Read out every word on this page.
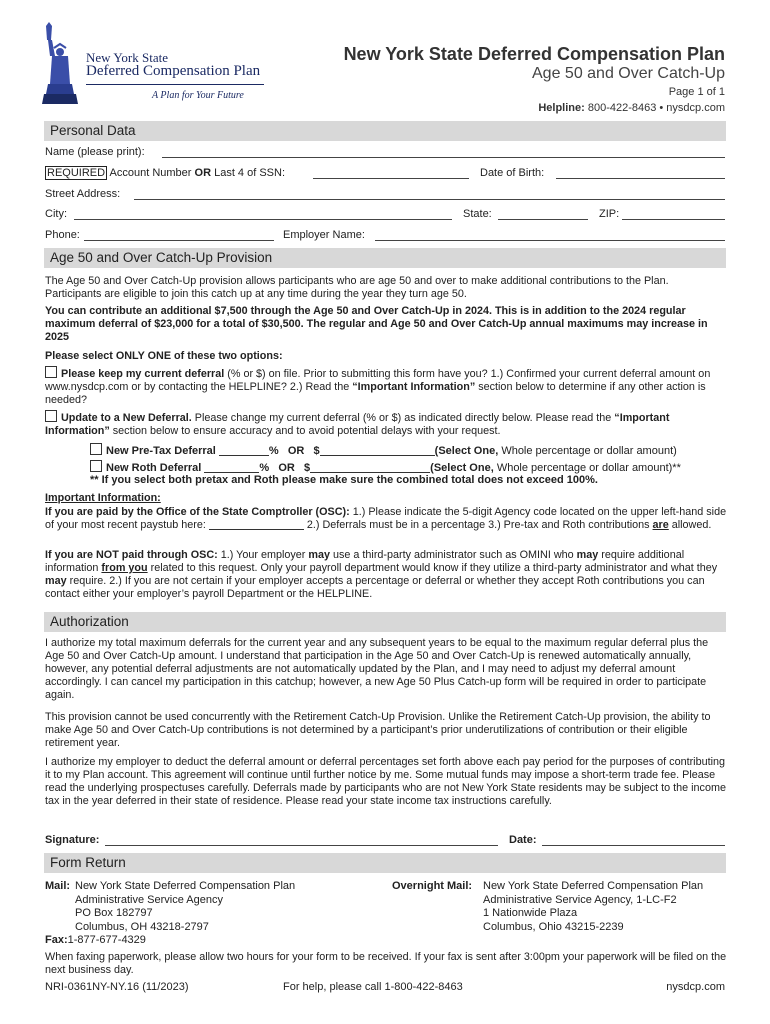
New York State
Deferred Compensation Plan
A Plan for Your Future
New York State Deferred Compensation Plan
Age 50 and Over Catch-Up
Page 1 of 1
Helpline: 800-422-8463 • nysdcp.com
Personal Data
Name (please print):
REQUIRED Account Number OR Last 4 of SSN:	Date of Birth:
Street Address:
City:	State:	ZIP:
Phone:	Employer Name:
Age 50 and Over Catch-Up Provision
The Age 50 and Over Catch-Up provision allows participants who are age 50 and over to make additional contributions to the Plan. Participants are eligible to join this catch up at any time during the year they turn age 50.
You can contribute an additional $7,500 through the Age 50 and Over Catch-Up in 2024. This is in addition to the 2024 regular maximum deferral of $23,000 for a total of $30,500. The regular and Age 50 and Over Catch-Up annual maximums may increase in 2025
Please select ONLY ONE of these two options:
Please keep my current deferral (% or $) on file. Prior to submitting this form have you? 1.) Confirmed your current deferral amount on www.nysdcp.com or by contacting the HELPLINE? 2.) Read the “Important Information” section below to determine if any other action is needed?
Update to a New Deferral. Please change my current deferral (% or $) as indicated directly below. Please read the “Important Information” section below to ensure accuracy and to avoid potential delays with your request.
New Pre-Tax Deferral	% OR $	(Select One, Whole percentage or dollar amount)
New Roth Deferral	% OR $	(Select One, Whole percentage or dollar amount)**
** If you select both pretax and Roth please make sure the combined total does not exceed 100%.
Important Information:
If you are paid by the Office of the State Comptroller (OSC): 1.) Please indicate the 5-digit Agency code located on the upper left-hand side of your most recent paystub here:	2.) Deferrals must be in a percentage 3.) Pre-tax and Roth contributions are allowed.
If you are NOT paid through OSC: 1.) Your employer may use a third-party administrator such as OMINI who may require additional information from you related to this request. Only your payroll department would know if they utilize a third-party administrator and what they may require. 2.) If you are not certain if your employer accepts a percentage or deferral or whether they accept Roth contributions you can contact either your employer’s payroll Department or the HELPLINE.
Authorization
I authorize my total maximum deferrals for the current year and any subsequent years to be equal to the maximum regular deferral plus the Age 50 and Over Catch-Up amount. I understand that participation in the Age 50 and Over Catch-Up is renewed automatically annually, however, any potential deferral adjustments are not automatically updated by the Plan, and I may need to adjust my deferral amount accordingly. I can cancel my participation in this catchup; however, a new Age 50 Plus Catch-up form will be required in order to participate again.
This provision cannot be used concurrently with the Retirement Catch-Up Provision. Unlike the Retirement Catch-Up provision, the ability to make Age 50 and Over Catch-Up contributions is not determined by a participant’s prior underutilizations of contribution or their eligible retirement year.
I authorize my employer to deduct the deferral amount or deferral percentages set forth above each pay period for the purposes of contributing it to my Plan account. This agreement will continue until further notice by me. Some mutual funds may impose a short-term trade fee. Please read the underlying prospectuses carefully. Deferrals made by participants who are not New York State residents may be subject to the income tax in the year deferred in their state of residence. Please read your state income tax instructions carefully.
Signature:	Date:
Form Return
Mail: New York State Deferred Compensation Plan
Administrative Service Agency
PO Box 182797
Columbus, OH 43218-2797
Fax:1-877-677-4329
Overnight Mail: New York State Deferred Compensation Plan
Administrative Service Agency, 1-LC-F2
1 Nationwide Plaza
Columbus, Ohio 43215-2239
When faxing paperwork, please allow two hours for your form to be received. If your fax is sent after 3:00pm your paperwork will be filed on the next business day.
NRI-0361NY-NY.16 (11/2023)	For help, please call 1-800-422-8463	nysdcp.com
